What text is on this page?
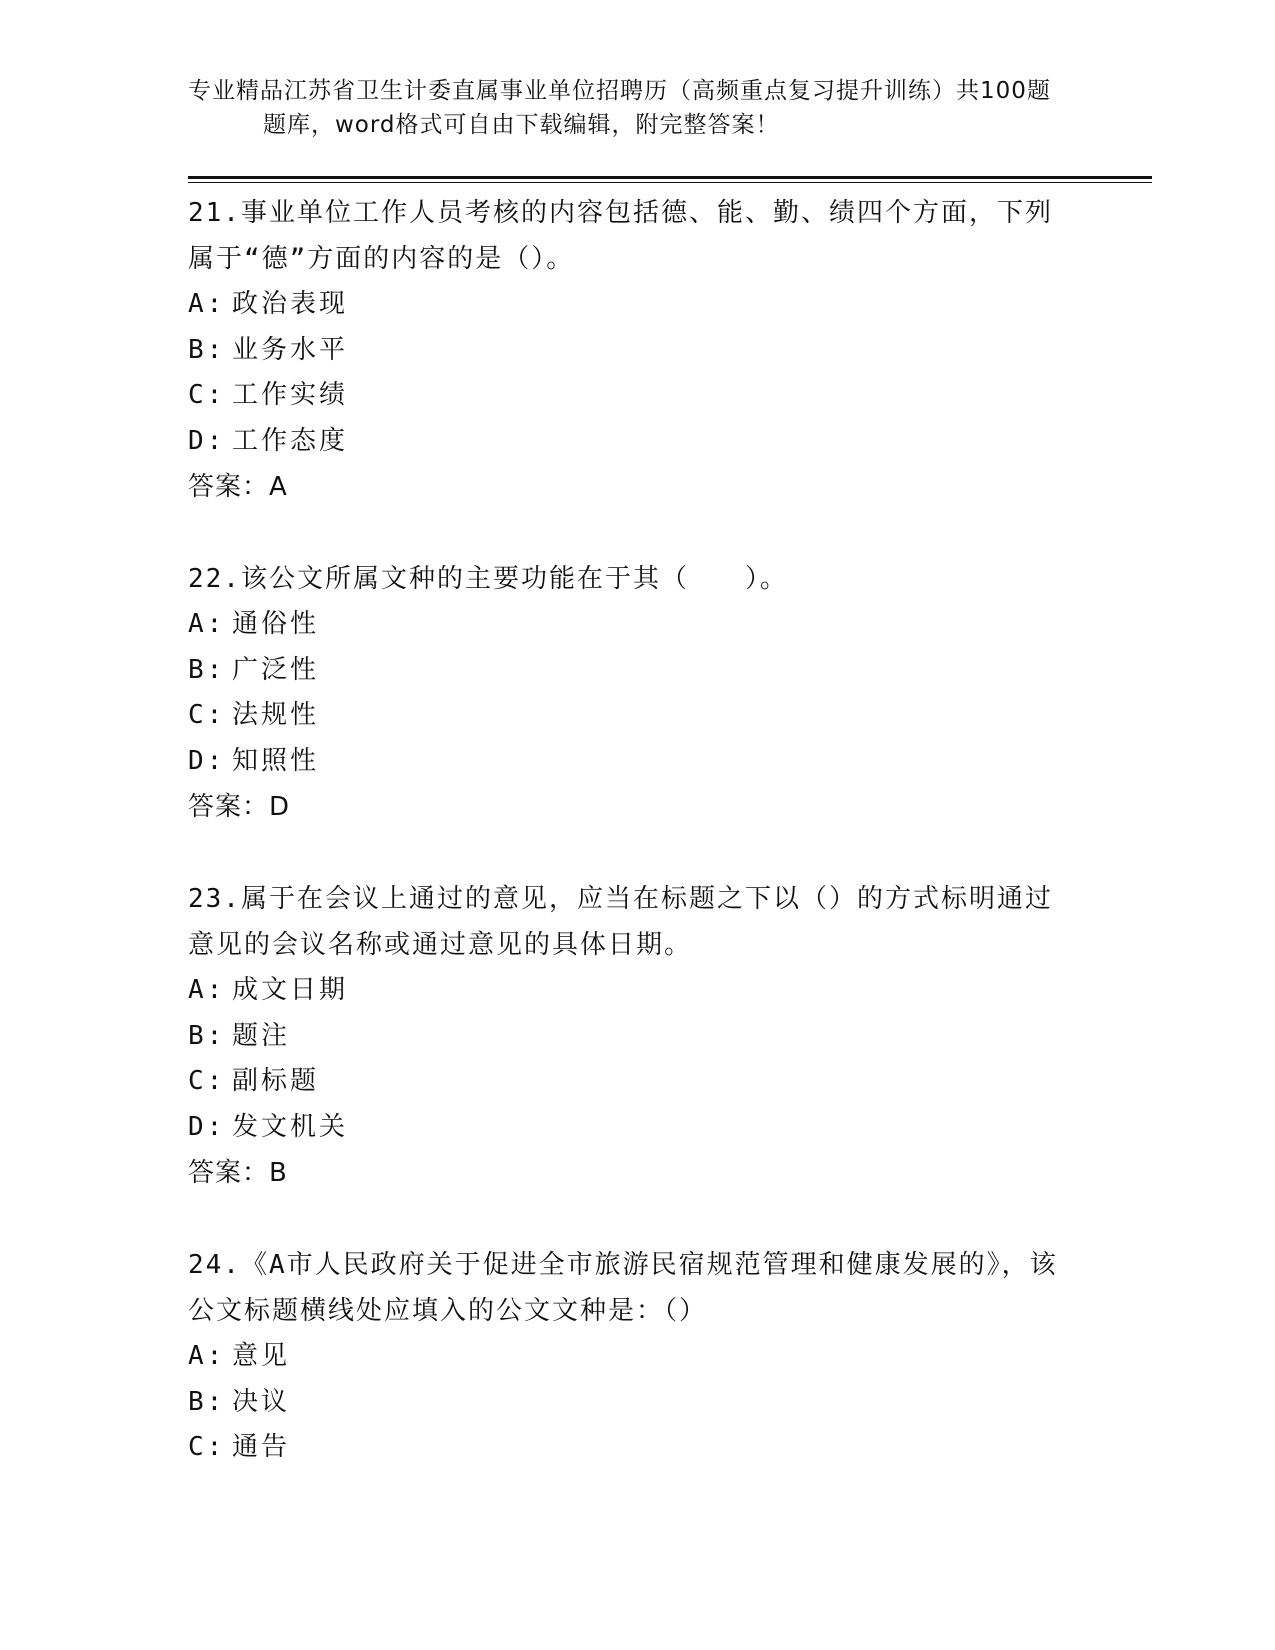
专业精品江苏省卫生计委直属事业单位招聘历（高频重点复习提升训练）共100题
题库，word格式可自由下载编辑，附完整答案！
21.事业单位工作人员考核的内容包括德、能、勤、绩四个方面，下列属于“德”方面的内容的是（）。
A: 政治表现
B: 业务水平
C: 工作实绩
D: 工作态度
答案：A
22.该公文所属文种的主要功能在于其（　　）。
A: 通俗性
B: 广泛性
C: 法规性
D: 知照性
答案：D
23.属于在会议上通过的意见，应当在标题之下以（）的方式标明通过意见的会议名称或通过意见的具体日期。
A: 成文日期
B: 题注
C: 副标题
D: 发文机关
答案：B
24.《A市人民政府关于促进全市旅游民宿规范管理和健康发展的》，该公文标题横线处应填入的公文文种是：（）
A: 意见
B: 决议
C: 通告
